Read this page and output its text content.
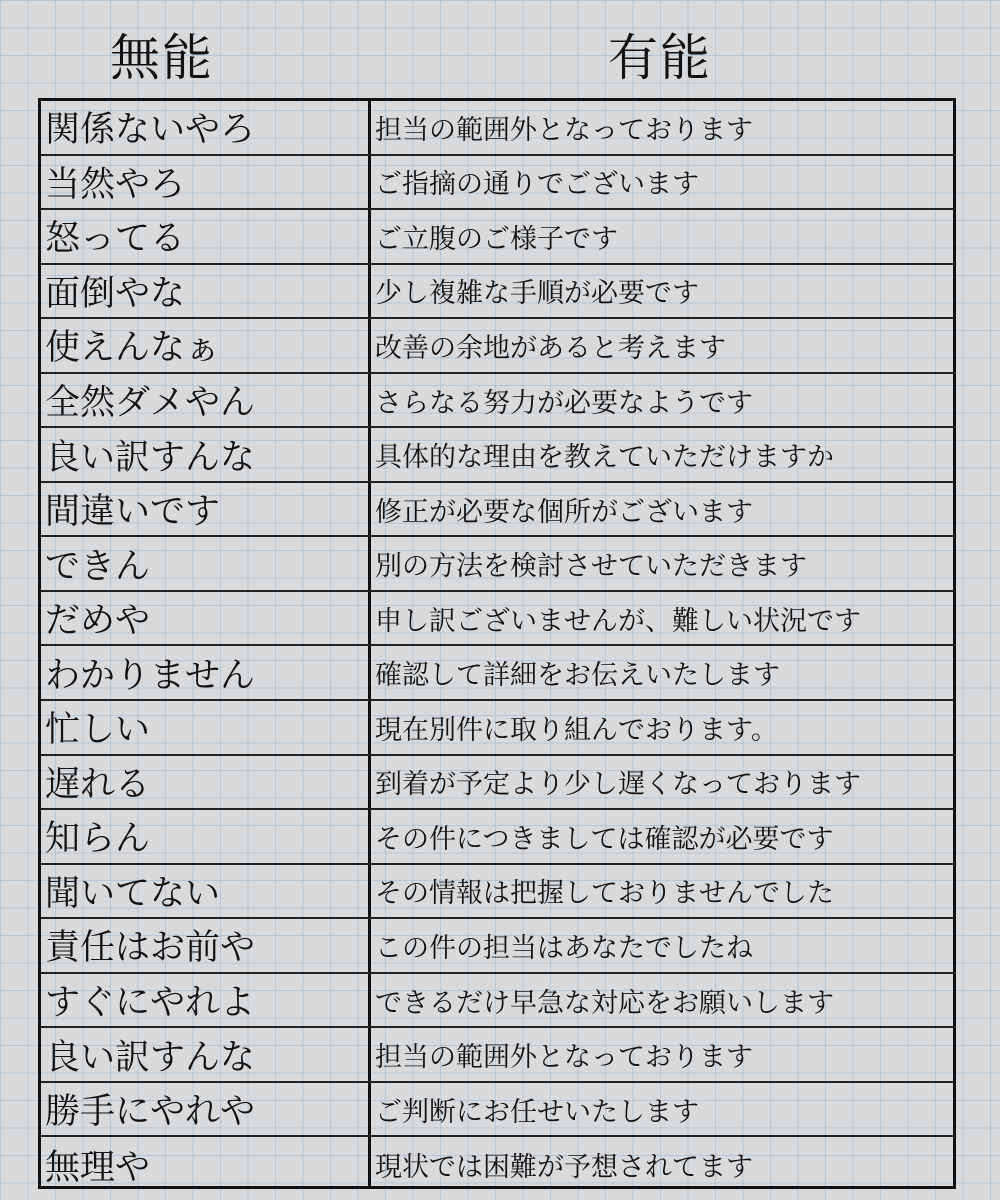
無能	有能
関係ないやろ	担当の範囲外となっております
当然やろ	ご指摘の通りでございます
怒ってる	ご立腹のご様子です
面倒やな	少し複雑な手順が必要です
使えんなぁ	改善の余地があると考えます
全然ダメやん	さらなる努力が必要なようです
良い訳すんな	具体的な理由を教えていただけますか
間違いです	修正が必要な個所がございます
できん	別の方法を検討させていただきます
だめや	申し訳ございませんが、難しい状況です
わかりません	確認して詳細をお伝えいたします
忙しい	現在別件に取り組んでおります。
遅れる	到着が予定より少し遅くなっております
知らん	その件につきましては確認が必要です
聞いてない	その情報は把握しておりませんでした
責任はお前や	この件の担当はあなたでしたね
すぐにやれよ	できるだけ早急な対応をお願いします
良い訳すんな	担当の範囲外となっております
勝手にやれや	ご判断にお任せいたします
無理や	現状では困難が予想されてます
